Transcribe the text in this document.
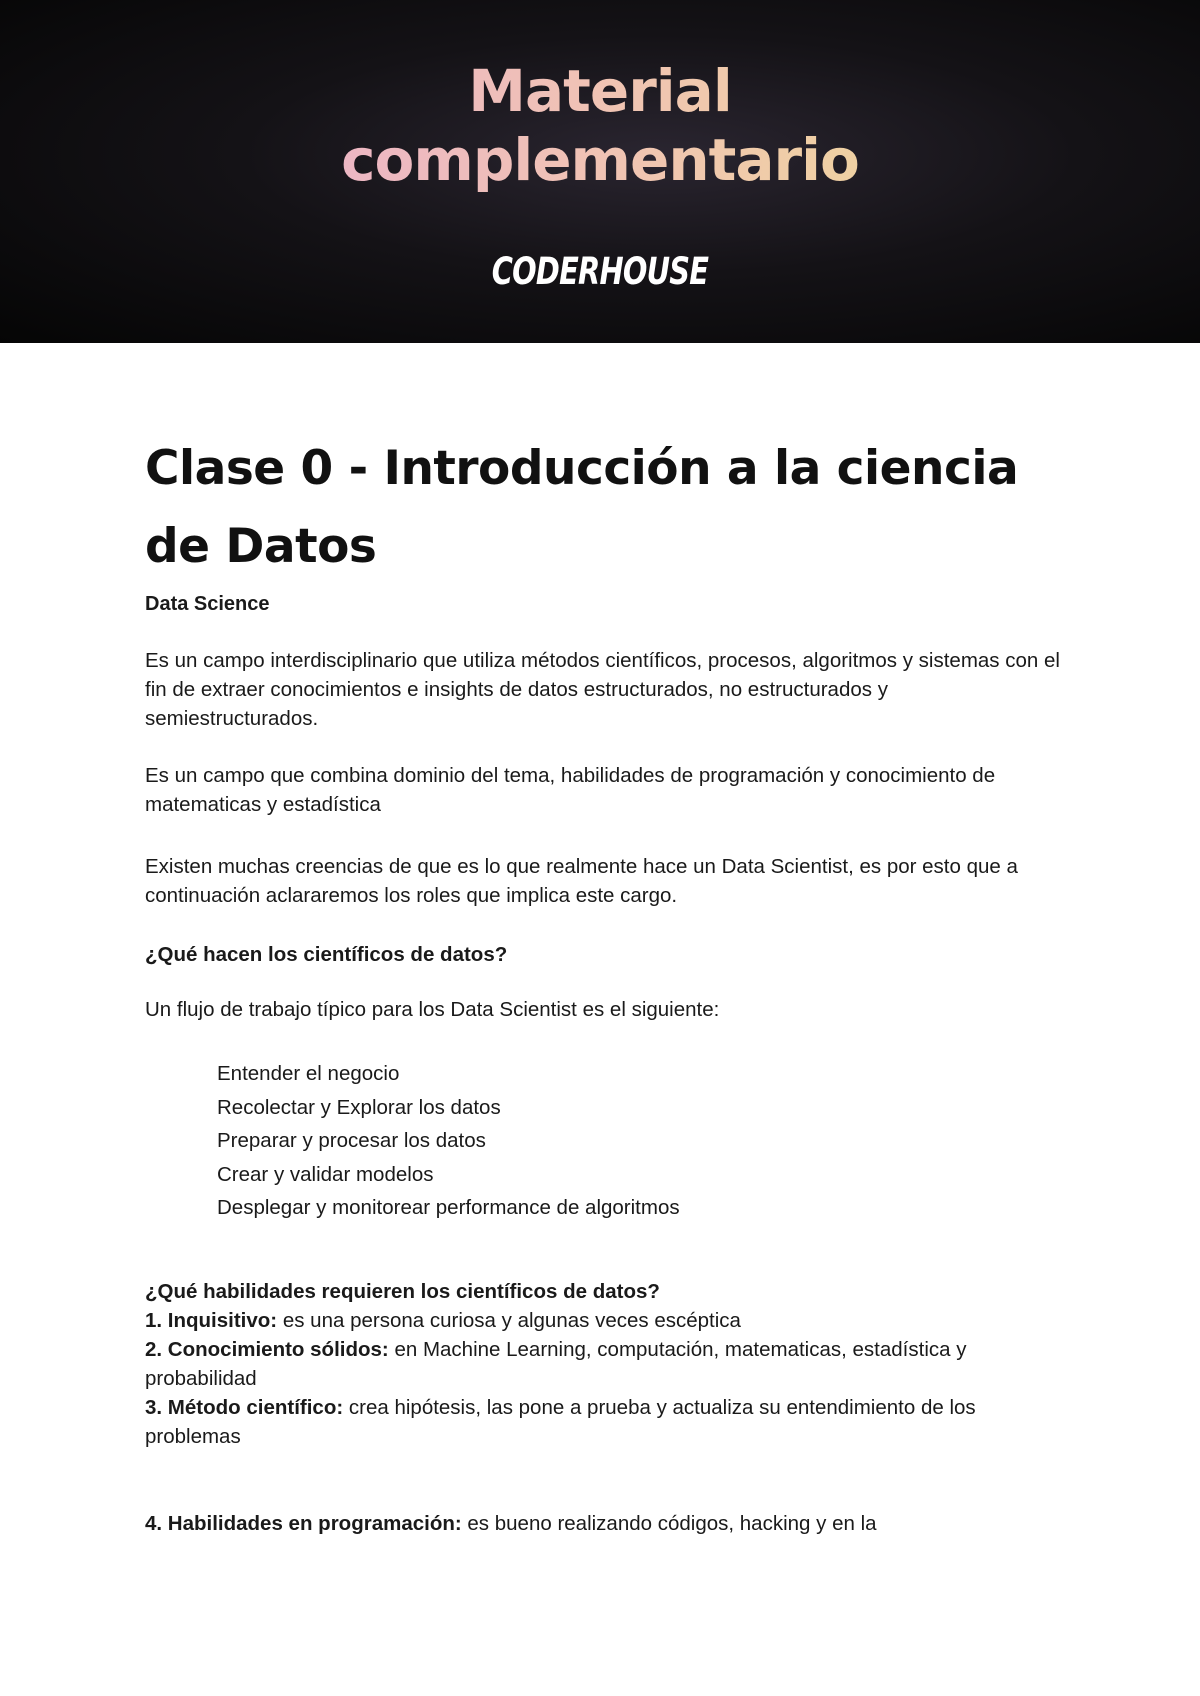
Material
complementario
CODERHOUSE
Clase 0 - Introducción a la ciencia de Datos
Data Science

Es un campo interdisciplinario que utiliza métodos científicos, procesos, algoritmos y sistemas con el fin de extraer conocimientos e insights de datos estructurados, no estructurados y semiestructurados.

Es un campo que combina dominio del tema, habilidades de programación y conocimiento de matematicas y estadística

Existen muchas creencias de que es lo que realmente hace un Data Scientist, es por esto que a continuación aclararemos los roles que implica este cargo.

¿Qué hacen los científicos de datos?

Un flujo de trabajo típico para los Data Scientist es el siguiente:

Entender el negocio
Recolectar y Explorar los datos
Preparar y procesar los datos
Crear y validar modelos
Desplegar y monitorear performance de algoritmos

¿Qué habilidades requieren los científicos de datos?

1. Inquisitivo: es una persona curiosa y algunas veces escéptica
2. Conocimiento sólidos: en Machine Learning, computación, matematicas, estadística y probabilidad
3. Método científico: crea hipótesis, las pone a prueba y actualiza su entendimiento de los problemas
4. Habilidades en programación: es bueno realizando códigos, hacking y en la
